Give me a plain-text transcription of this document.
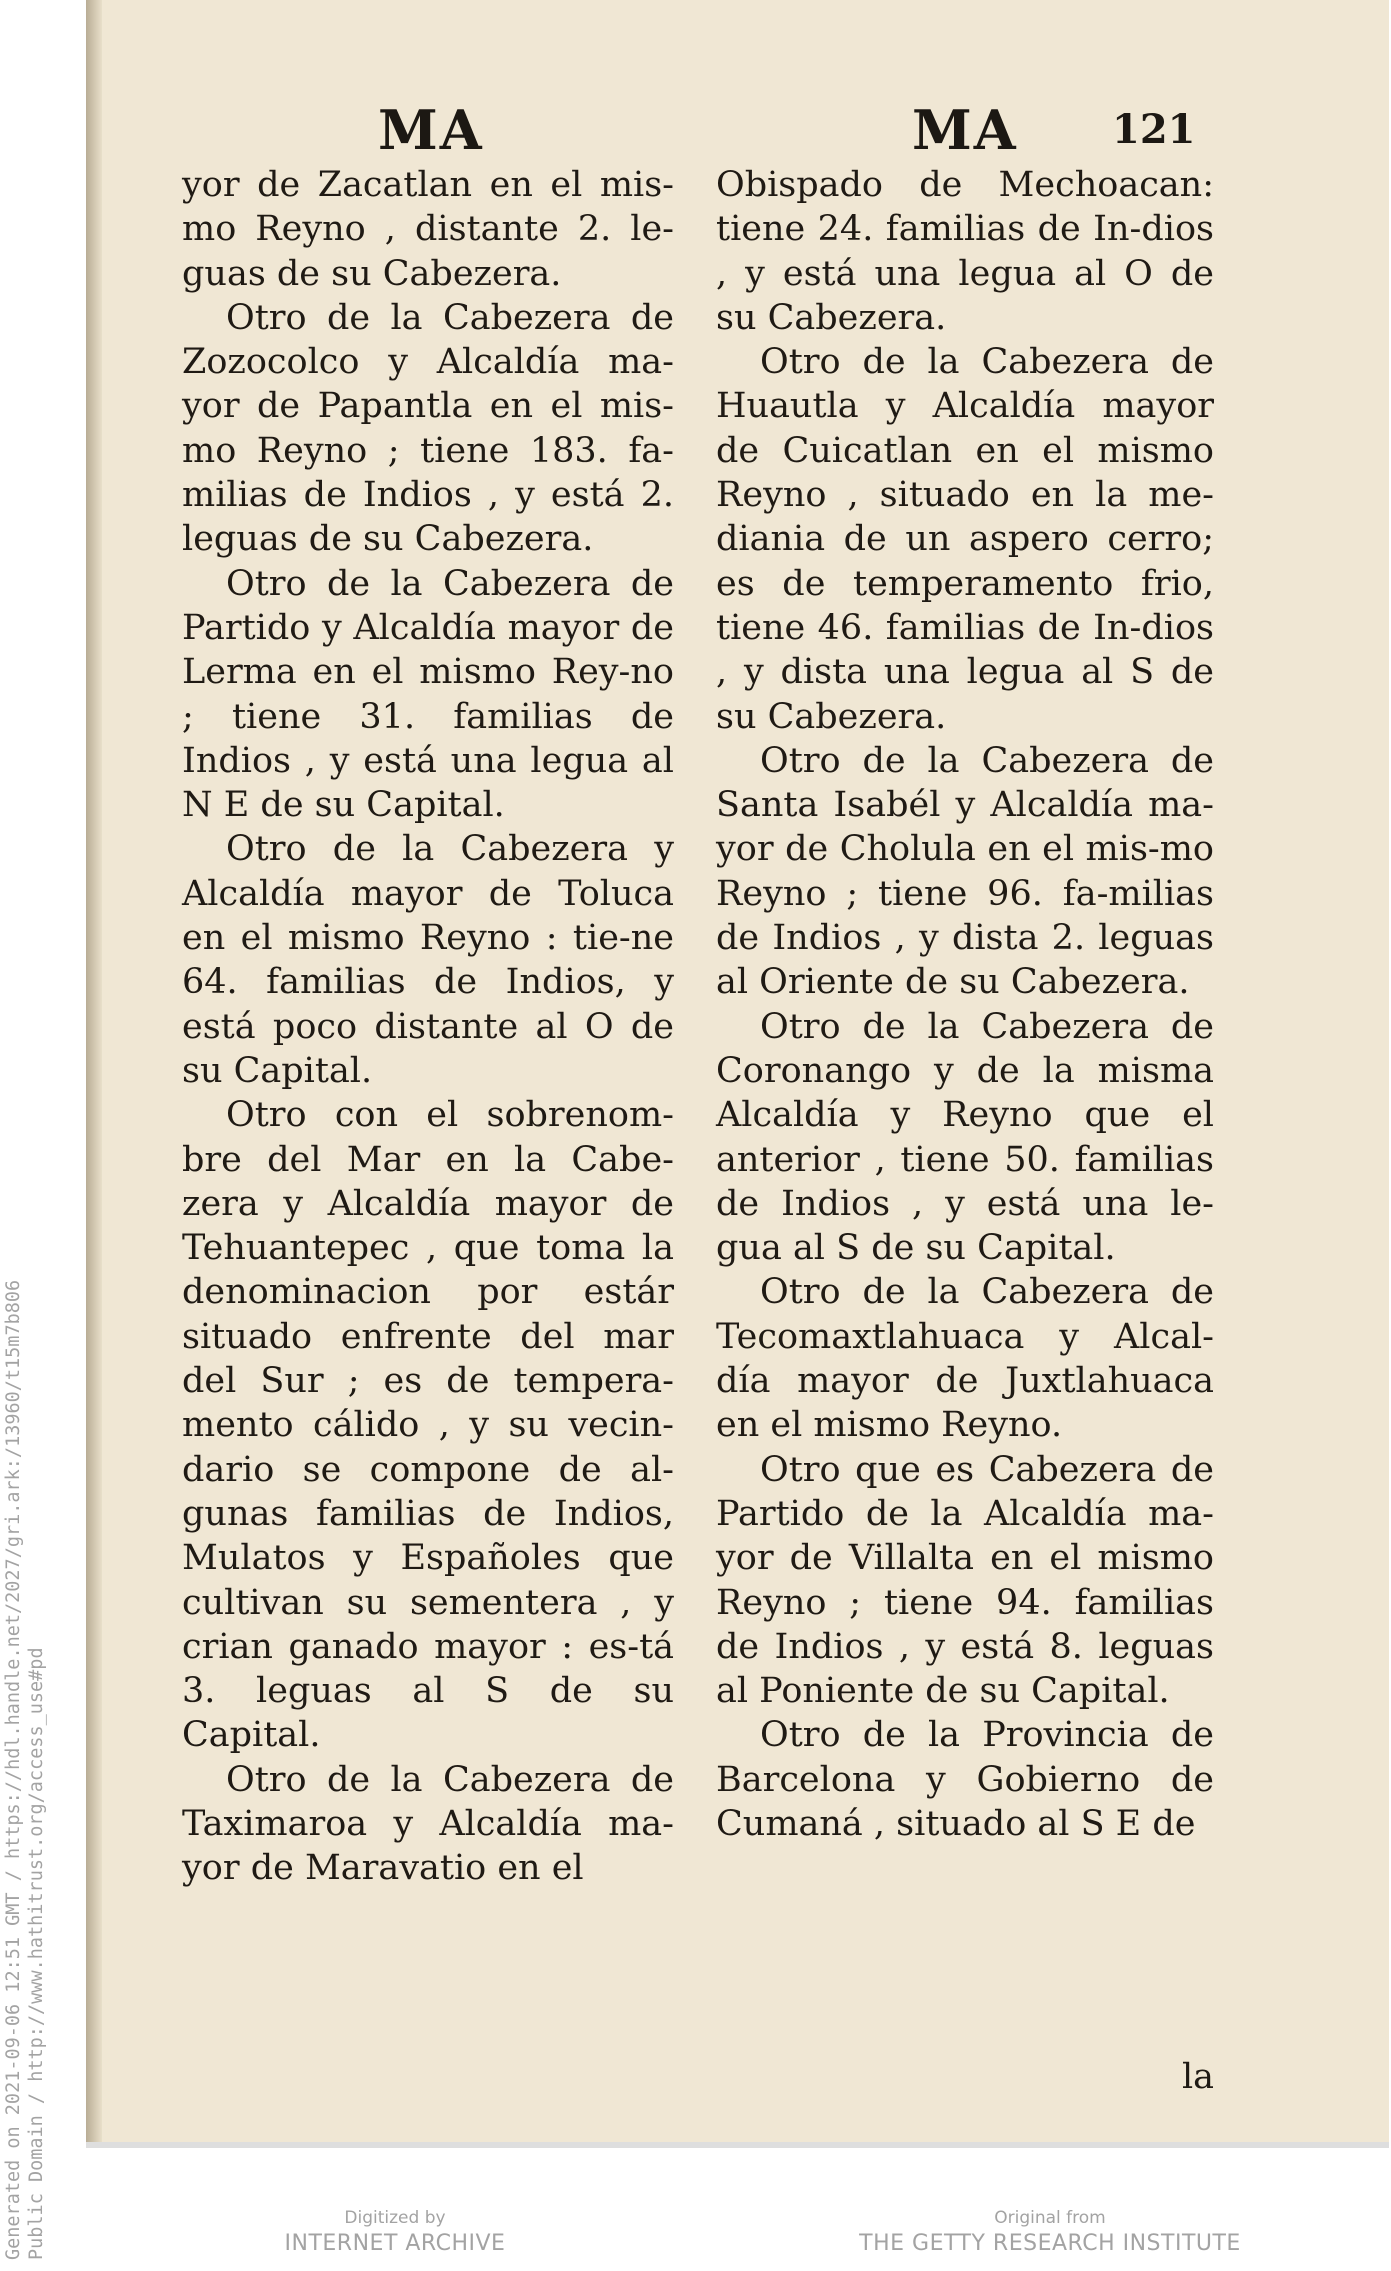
MA	MA 121

yor de Zacatlan en el mis-mo Reyno , distante 2. le-guas de su Cabezera.

Otro de la Cabezera de Zozocolco y Alcaldía ma-yor de Papantla en el mis-mo Reyno ; tiene 183. fa-milias de Indios , y está 2. leguas de su Cabezera.

Otro de la Cabezera de Partido y Alcaldía mayor de Lerma en el mismo Rey-no ; tiene 31. familias de Indios , y está una legua al N E de su Capital.

Otro de la Cabezera y Alcaldía mayor de Toluca en el mismo Reyno : tie-ne 64. familias de Indios, y está poco distante al O de su Capital.

Otro con el sobrenom-bre del Mar en la Cabe-zera y Alcaldía mayor de Tehuantepec , que toma la denominacion por estár situado enfrente del mar del Sur ; es de tempera-mento cálido , y su vecin-dario se compone de al-gunas familias de Indios, Mulatos y Españoles que cultivan su sementera , y crian ganado mayor : es-tá 3. leguas al S de su Capital.

Otro de la Cabezera de Taximaroa y Alcaldía ma-yor de Maravatio en el

Obispado de Mechoacan: tiene 24. familias de In-dios , y está una legua al O de su Cabezera.

Otro de la Cabezera de Huautla y Alcaldía mayor de Cuicatlan en el mismo Reyno , situado en la me-diania de un aspero cerro; es de temperamento frio, tiene 46. familias de In-dios , y dista una legua al S de su Cabezera.

Otro de la Cabezera de Santa Isabél y Alcaldía ma-yor de Cholula en el mis-mo Reyno ; tiene 96. fa-milias de Indios , y dista 2. leguas al Oriente de su Cabezera.

Otro de la Cabezera de Coronango y de la misma Alcaldía y Reyno que el anterior , tiene 50. familias de Indios , y está una le-gua al S de su Capital.

Otro de la Cabezera de Tecomaxtlahuaca y Alcal-día mayor de Juxtlahuaca en el mismo Reyno.

Otro que es Cabezera de Partido de la Alcaldía ma-yor de Villalta en el mismo Reyno ; tiene 94. familias de Indios , y está 8. leguas al Poniente de su Capital.

Otro de la Provincia de Barcelona y Gobierno de Cumaná , situado al S E de

la

Generated on 2021-09-06 12:51 GMT / https://hdl.handle.net/2027/gri.ark:/13960/t15m7b806 Public Domain / http://www.hathitrust.org/access_use#pd	Digitized by

INTERNET ARCHIVE

Original from

THE GETTY RESEARCH INSTITUTE
